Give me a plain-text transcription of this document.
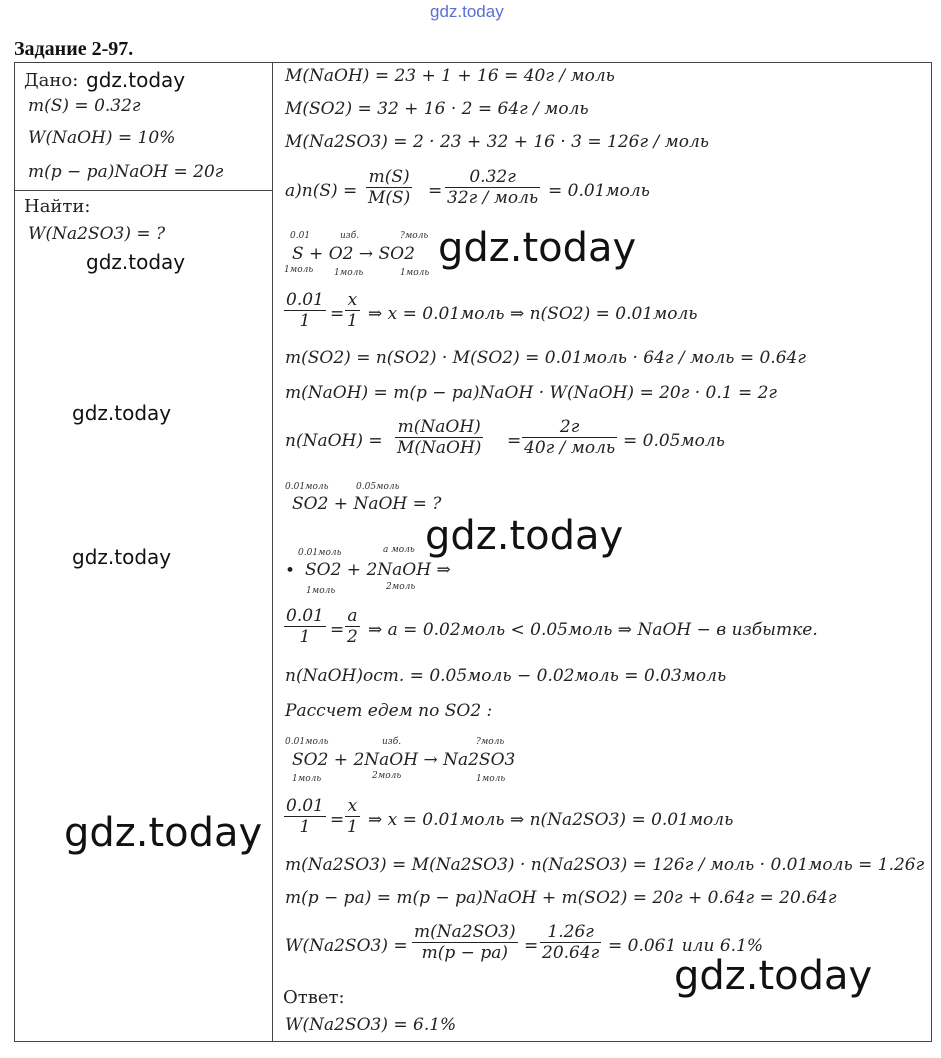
gdz.today
Задание 2-97.
Дано:
m(S) = 0.32г
W(NaOH) = 10%
m(p − pa)NaOH = 20г
Найти:
W(Na2SO3) = ?
M(NaOH) = 23 + 1 + 16 = 40г / моль
M(SO2) = 32 + 16 · 2 = 64г / моль
M(Na2SO3) = 2 · 23 + 32 + 16 · 3 = 126г / моль
$а)n(S) = \frac{m(S)}{M(S)}$ =
0.32г
32г / моль = 0.01моль
0.01	изб.	?моль
S + O2 → SO2
1моль 1моль	1моль
$\frac{0.01}{1} = \frac{x}{1}$ ⇒ x = 0.01моль ⇒ n(SO2) = 0.01моль
m(SO2) = n(SO2) · M(SO2) = 0.01моль · 64г / моль = 0.64г
m(NaOH) = m(p − pa)NaOH · W(NaOH) = 20г · 0.1 = 2г
n(NaOH) =
m(NaOH)
M(NaOH) =
2г
40г / моль = 0.05моль
0.01моль	0.05моль
SO2 + NaOH = ?
0.01моль	a моль
• SO2 + 2NaOH ⇒
1моль	2моль
$\frac{0.01}{1} = \frac{a}{2}$ ⇒ a = 0.02моль < 0.05моль ⇒ NaOH − в избытке.
n(NaOH)ост. = 0.05моль − 0.02моль = 0.03моль
Рассчет едем по SO2 :
0.01моль	изб.	?моль
SO2 + 2NaOH → Na2SO3
1моль	2моль	1моль
$\frac{0.01}{1} = \frac{x}{1}$ ⇒ x = 0.01моль ⇒ n(Na2SO3) = 0.01моль
m(Na2SO3) = M(Na2SO3) · n(Na2SO3) = 126г / моль · 0.01моль = 1.26г
m(p − pa) = m(p − pa)NaOH + m(SO2) = 20г + 0.64г = 20.64г
$W(Na2SO3) = \frac{m(Na2SO3)}{m(p - pa)}$ =
1.26г
20.64г = 0.061 или 6.1%
Ответ:
W(Na2SO3) = 6.1%
gdz.today
gdz.today
gdz.today
gdz.today
gdz.today
gdz.today
gdz.today
gdz.today
